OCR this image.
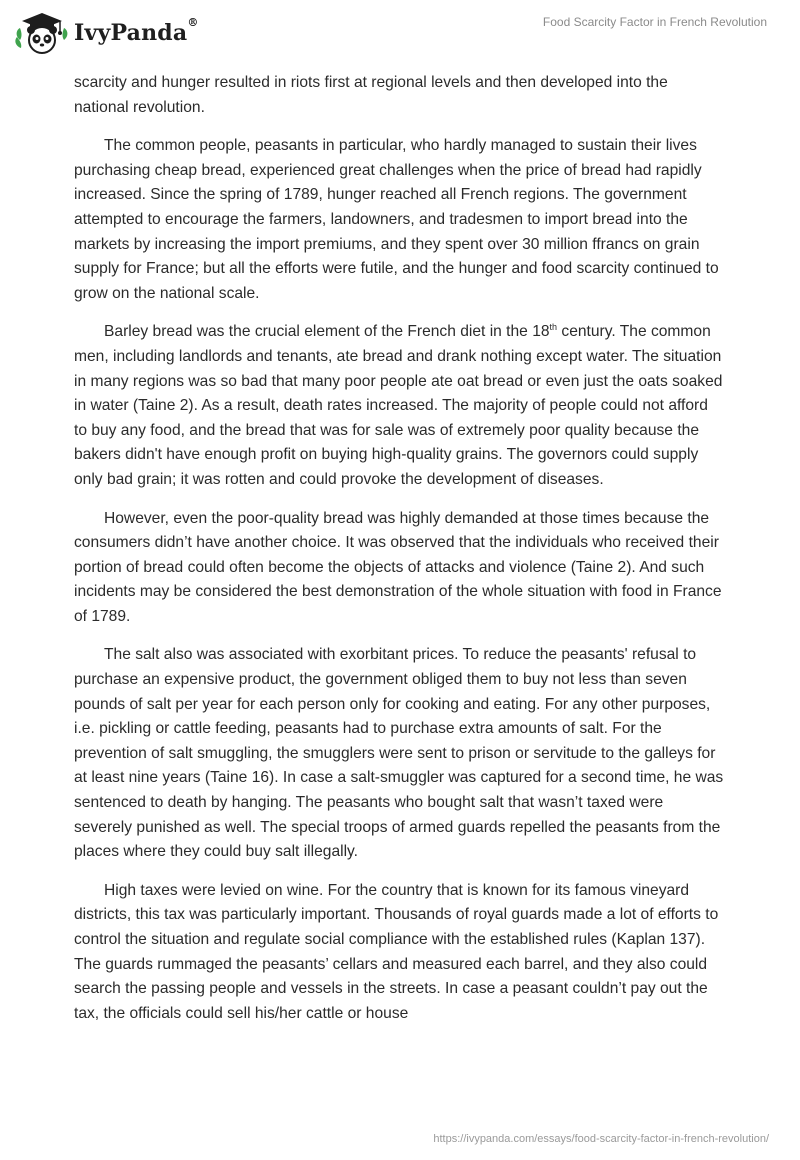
IvyPanda®	Food Scarcity Factor in French Revolution

scarcity and hunger resulted in riots first at regional levels and then developed into the national revolution.

The common people, peasants in particular, who hardly managed to sustain their lives purchasing cheap bread, experienced great challenges when the price of bread had rapidly increased. Since the spring of 1789, hunger reached all French regions. The government attempted to encourage the farmers, landowners, and tradesmen to import bread into the markets by increasing the import premiums, and they spent over 30 million ffrancs on grain supply for France; but all the efforts were futile, and the hunger and food scarcity continued to grow on the national scale.

Barley bread was the crucial element of the French diet in the 18th century. The common men, including landlords and tenants, ate bread and drank nothing except water. The situation in many regions was so bad that many poor people ate oat bread or even just the oats soaked in water (Taine 2). As a result, death rates increased. The majority of people could not afford to buy any food, and the bread that was for sale was of extremely poor quality because the bakers didn't have enough profit on buying high-quality grains. The governors could supply only bad grain; it was rotten and could provoke the development of diseases.

However, even the poor-quality bread was highly demanded at those times because the consumers didn’t have another choice. It was observed that the individuals who received their portion of bread could often become the objects of attacks and violence (Taine 2). And such incidents may be considered the best demonstration of the whole situation with food in France of 1789.

The salt also was associated with exorbitant prices. To reduce the peasants' refusal to purchase an expensive product, the government obliged them to buy not less than seven pounds of salt per year for each person only for cooking and eating. For any other purposes, i.e. pickling or cattle feeding, peasants had to purchase extra amounts of salt. For the prevention of salt smuggling, the smugglers were sent to prison or servitude to the galleys for at least nine years (Taine 16). In case a salt-smuggler was captured for a second time, he was sentenced to death by hanging. The peasants who bought salt that wasn’t taxed were severely punished as well. The special troops of armed guards repelled the peasants from the places where they could buy salt illegally.

High taxes were levied on wine. For the country that is known for its famous vineyard districts, this tax was particularly important. Thousands of royal guards made a lot of efforts to control the situation and regulate social compliance with the established rules (Kaplan 137). The guards rummaged the peasants’ cellars and measured each barrel, and they also could search the passing people and vessels in the streets. In case a peasant couldn’t pay out the tax, the officials could sell his/her cattle or house

https://ivypanda.com/essays/food-scarcity-factor-in-french-revolution/
